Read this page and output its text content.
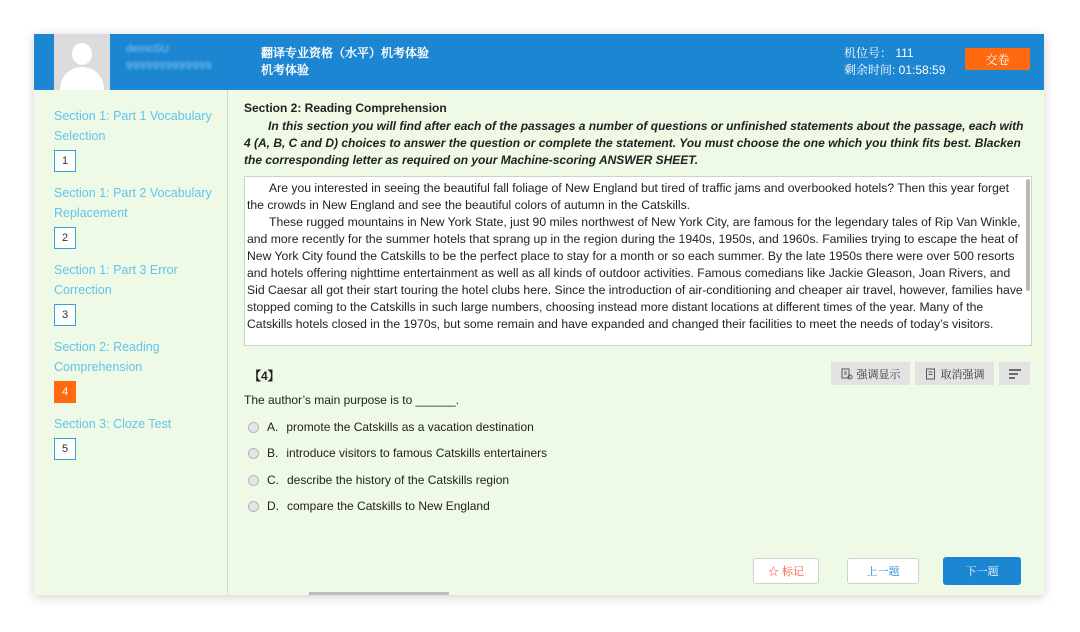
demoSU
9999999999999
翻译专业资格（水平）机考体验
机考体验
机位号： 111
剩余时间: 01:58:59
交卷
Section 1: Part 1 Vocabulary Selection
1
Section 1: Part 2 Vocabulary Replacement
2
Section 1: Part 3 Error Correction
3
Section 2: Reading Comprehension
4
Section 3: Cloze Test
5
Section 2: Reading Comprehension
In this section you will find after each of the passages a number of questions or unfinished statements about the passage, each with 4 (A, B, C and D) choices to answer the question or complete the statement. You must choose the one which you think fits best. Blacken the corresponding letter as required on your Machine-scoring ANSWER SHEET.

Are you interested in seeing the beautiful fall foliage of New England but tired of traffic jams and overbooked hotels? Then this year forget the crowds in New England and see the beautiful colors of autumn in the Catskills.

These rugged mountains in New York State, just 90 miles northwest of New York City, are famous for the legendary tales of Rip Van Winkle, and more recently for the summer hotels that sprang up in the region during the 1940s, 1950s, and 1960s. Families trying to escape the heat of New York City found the Catskills to be the perfect place to stay for a month or so each summer. By the late 1950s there were over 500 resorts and hotels offering nighttime entertainment as well as all kinds of outdoor activities. Famous comedians like Jackie Gleason, Joan Rivers, and Sid Caesar all got their start touring the hotel clubs here. Since the introduction of air-conditioning and cheaper air travel, however, families have stopped coming to the Catskills in such large numbers, choosing instead more distant locations at different times of the year. Many of the Catskills hotels closed in the 1970s, but some remain and have expanded and changed their facilities to meet the needs of today’s visitors.

【4】	强调显示	取消强调
The author’s main purpose is to ______.
A. promote the Catskills as a vacation destination
B. introduce visitors to famous Catskills entertainers
C. describe the history of the Catskills region
D. compare the Catskills to New England
☆ 标记	上一题	下一题
